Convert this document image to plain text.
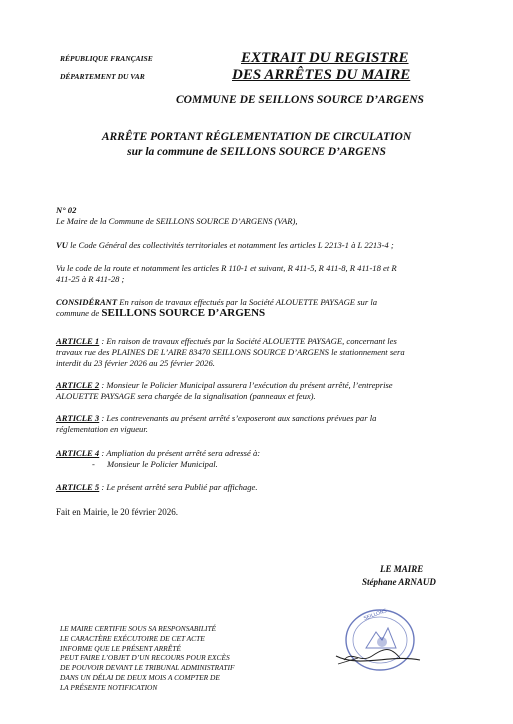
RÉPUBLIQUE FRANÇAISE
DÉPARTEMENT DU VAR
EXTRAIT DU REGISTRE
DES ARRÊTES DU MAIRE
COMMUNE DE SEILLONS SOURCE D’ARGENS
ARRÊTE PORTANT RÉGLEMENTATION DE CIRCULATION
sur la commune de SEILLONS SOURCE D’ARGENS
N° 02
Le Maire de la Commune de SEILLONS SOURCE D’ARGENS (VAR),
VU le Code Général des collectivités territoriales et notamment les articles L 2213-1 à L 2213-4 ;
Vu le code de la route et notamment les articles R 110-1 et suivant, R 411-5, R 411-8, R 411-18 et R
411-25 à R 411-28 ;
CONSIDÉRANT En raison de travaux effectués par la Société ALOUETTE PAYSAGE sur la
commune de SEILLONS SOURCE D’ARGENS
ARTICLE 1 : En raison de travaux effectués par la Société ALOUETTE PAYSAGE, concernant les
travaux rue des PLAINES DE L’AIRE 83470 SEILLONS SOURCE D’ARGENS le stationnement sera
interdit du 23 février 2026 au 25 février 2026.
ARTICLE 2 : Monsieur le Policier Municipal assurera l’exécution du présent arrêté, l’entreprise
ALOUETTE PAYSAGE sera chargée de la signalisation (panneaux et feux).
ARTICLE 3 : Les contrevenants au présent arrêté s’exposeront aux sanctions prévues par la
réglementation en vigueur.
ARTICLE 4 : Ampliation du présent arrêté sera adressé à:
- Monsieur le Policier Municipal.
ARTICLE 5 : Le présent arrêté sera Publié par affichage.
Fait en Mairie, le 20 février 2026.
LE MAIRE
Stéphane ARNAUD
SEILLONS
LE MAIRE CERTIFIE SOUS SA RESPONSABILITÉ
LE CARACTÈRE EXÉCUTOIRE DE CET ACTE
INFORME QUE LE PRÉSENT ARRÊTÉ
PEUT FAIRE L’OBJET D’UN RECOURS POUR EXCÈS
DE POUVOIR DEVANT LE TRIBUNAL ADMINISTRATIF
DANS UN DÉLAI DE DEUX MOIS A COMPTER DE
LA PRÉSENTE NOTIFICATION
